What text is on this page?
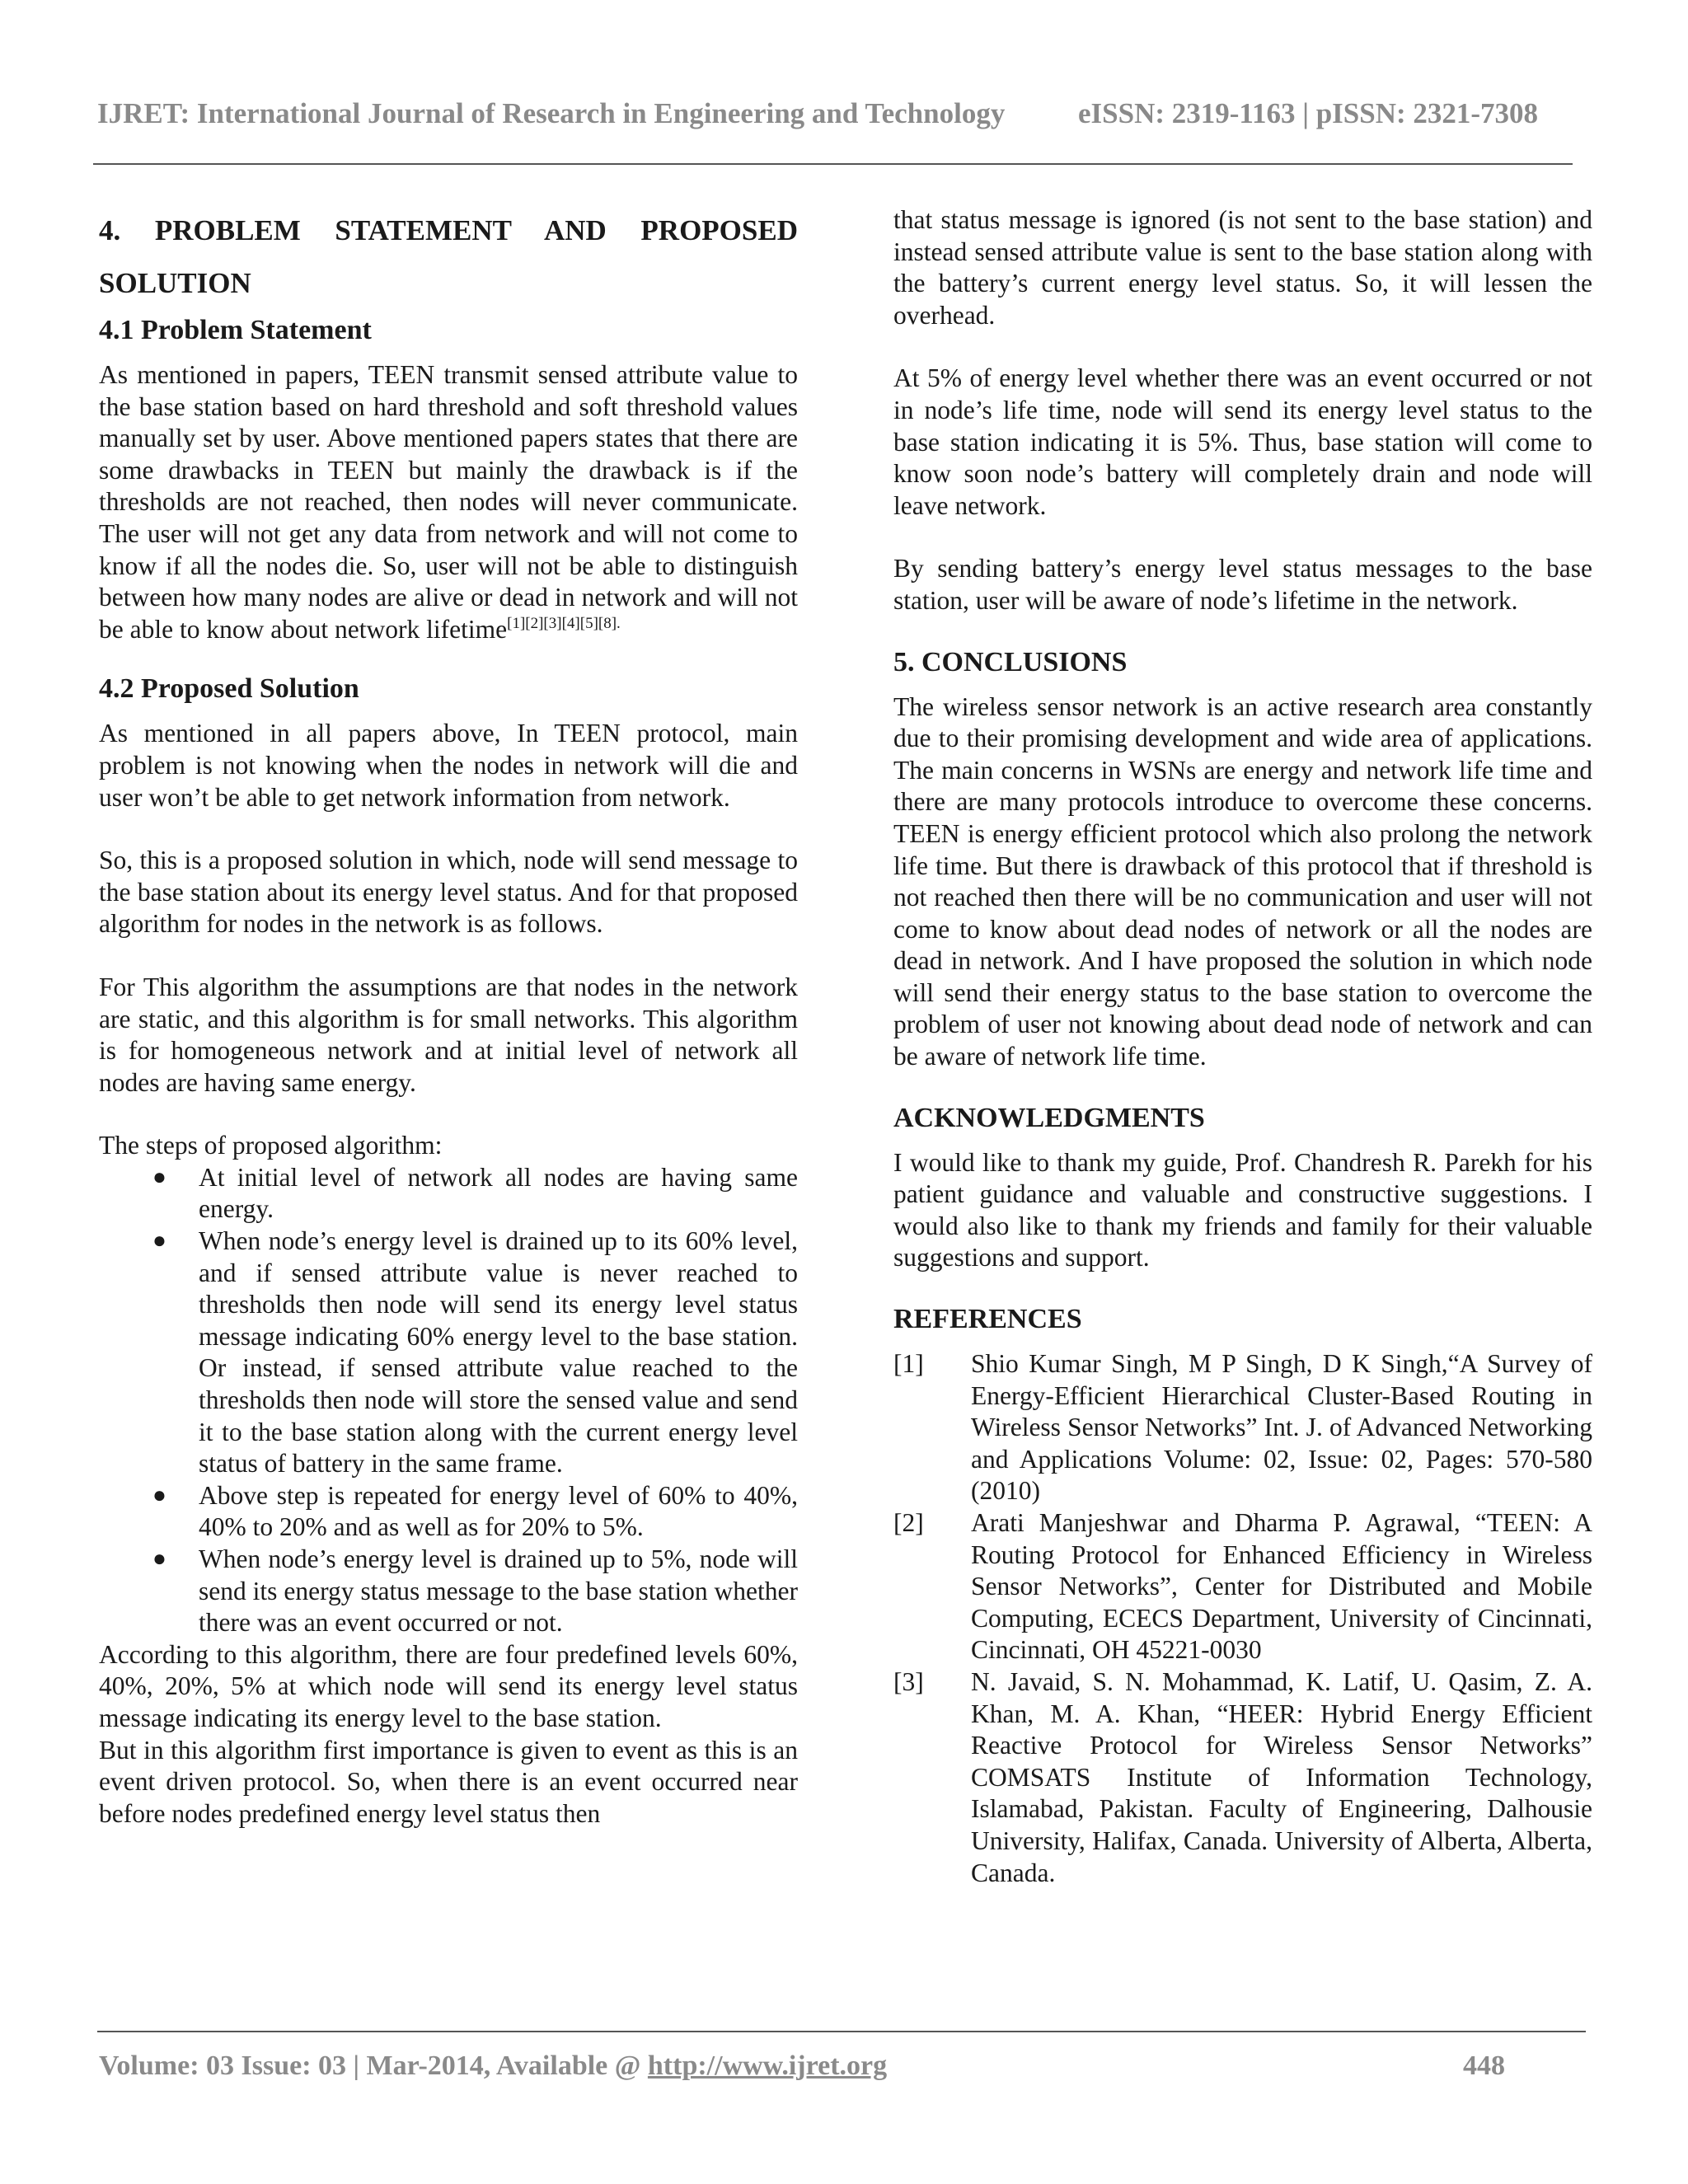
IJRET: International Journal of Research in Engineering and Technology	eISSN: 2319-1163 | pISSN: 2321-7308
4. PROBLEM STATEMENT AND PROPOSED SOLUTION
4.1 Problem Statement

As mentioned in papers, TEEN transmit sensed attribute value to the base station based on hard threshold and soft threshold values manually set by user. Above mentioned papers states that there are some drawbacks in TEEN but mainly the drawback is if the thresholds are not reached, then nodes will never communicate. The user will not get any data from network and will not come to know if all the nodes die. So, user will not be able to distinguish between how many nodes are alive or dead in network and will not be able to know about network lifetime$^{[1][2][3][4][5][8].}$

4.2 Proposed Solution

As mentioned in all papers above, In TEEN protocol, main problem is not knowing when the nodes in network will die and user won’t be able to get network information from network.

So, this is a proposed solution in which, node will send message to the base station about its energy level status. And for that proposed algorithm for nodes in the network is as follows.

For This algorithm the assumptions are that nodes in the network are static, and this algorithm is for small networks. This algorithm is for homogeneous network and at initial level of network all nodes are having same energy.

The steps of proposed algorithm:

● At initial level of network all nodes are having same energy.
● When node’s energy level is drained up to its 60% level, and if sensed attribute value is never reached to thresholds then node will send its energy level status message indicating 60% energy level to the base station. Or instead, if sensed attribute value reached to the thresholds then node will store the sensed value and send it to the base station along with the current energy level status of battery in the same frame.
● Above step is repeated for energy level of 60% to 40%, 40% to 20% and as well as for 20% to 5%.
● When node’s energy level is drained up to 5%, node will send its energy status message to the base station whether there was an event occurred or not.

According to this algorithm, there are four predefined levels 60%, 40%, 20%, 5% at which node will send its energy level status message indicating its energy level to the base station.

But in this algorithm first importance is given to event as this is an event driven protocol. So, when there is an event occurred near before nodes predefined energy level status then

that status message is ignored (is not sent to the base station) and instead sensed attribute value is sent to the base station along with the battery’s current energy level status. So, it will lessen the overhead.

At 5% of energy level whether there was an event occurred or not in node’s life time, node will send its energy level status to the base station indicating it is 5%. Thus, base station will come to know soon node’s battery will completely drain and node will leave network.

By sending battery’s energy level status messages to the base station, user will be aware of node’s lifetime in the network.

5. CONCLUSIONS

The wireless sensor network is an active research area constantly due to their promising development and wide area of applications. The main concerns in WSNs are energy and network life time and there are many protocols introduce to overcome these concerns. TEEN is energy efficient protocol which also prolong the network life time. But there is drawback of this protocol that if threshold is not reached then there will be no communication and user will not come to know about dead nodes of network or all the nodes are dead in network. And I have proposed the solution in which node will send their energy status to the base station to overcome the problem of user not knowing about dead node of network and can be aware of network life time.

ACKNOWLEDGMENTS

I would like to thank my guide, Prof. Chandresh R. Parekh for his patient guidance and valuable and constructive suggestions. I would also like to thank my friends and family for their valuable suggestions and support.

REFERENCES
[1] Shio Kumar Singh, M P Singh, D K Singh,“A Survey of Energy-Efficient Hierarchical Cluster-Based Routing in Wireless Sensor Networks” Int. J. of Advanced Networking and Applications Volume: 02, Issue: 02, Pages: 570-580 (2010)
[2] Arati Manjeshwar and Dharma P. Agrawal, “TEEN: A Routing Protocol for Enhanced Efficiency in Wireless Sensor Networks”, Center for Distributed and Mobile Computing, ECECS Department, University of Cincinnati, Cincinnati, OH 45221-0030
[3] N. Javaid, S. N. Mohammad, K. Latif, U. Qasim, Z. A. Khan, M. A. Khan, “HEER: Hybrid Energy Efficient Reactive Protocol for Wireless Sensor Networks” COMSATS Institute of Information Technology, Islamabad, Pakistan. Faculty of Engineering, Dalhousie University, Halifax, Canada. University of Alberta, Alberta, Canada.
Volume: 03 Issue: 03 | Mar-2014, Available @ http://www.ijret.org	448
